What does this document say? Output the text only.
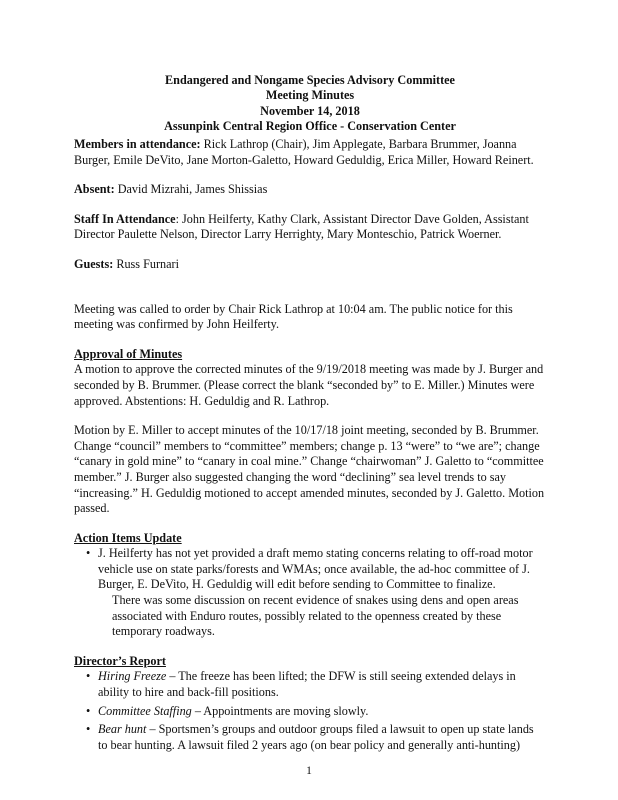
Endangered and Nongame Species Advisory Committee
Meeting Minutes
November 14, 2018
Assunpink Central Region Office - Conservation Center

Members in attendance: Rick Lathrop (Chair), Jim Applegate, Barbara Brummer, Joanna Burger, Emile DeVito, Jane Morton-Galetto, Howard Geduldig, Erica Miller, Howard Reinert.

Absent: David Mizrahi, James Shissias

Staff In Attendance: John Heilferty, Kathy Clark, Assistant Director Dave Golden, Assistant Director Paulette Nelson, Director Larry Herrighty, Mary Monteschio, Patrick Woerner.

Guests: Russ Furnari

Meeting was called to order by Chair Rick Lathrop at 10:04 am. The public notice for this meeting was confirmed by John Heilferty.

Approval of Minutes

A motion to approve the corrected minutes of the 9/19/2018 meeting was made by J. Burger and seconded by B. Brummer. (Please correct the blank “seconded by” to E. Miller.) Minutes were approved. Abstentions: H. Geduldig and R. Lathrop.

Motion by E. Miller to accept minutes of the 10/17/18 joint meeting, seconded by B. Brummer. Change “council” members to “committee” members; change p. 13 “were” to “we are”; change “canary in gold mine” to “canary in coal mine.” Change “chairwoman” J. Galetto to “committee member.” J. Burger also suggested changing the word “declining” sea level trends to say “increasing.” H. Geduldig motioned to accept amended minutes, seconded by J. Galetto. Motion passed.

Action Items Update

• J. Heilferty has not yet provided a draft memo stating concerns relating to off-road motor vehicle use on state parks/forests and WMAs; once available, the ad-hoc committee of J. Burger, E. DeVito, H. Geduldig will edit before sending to Committee to finalize.

There was some discussion on recent evidence of snakes using dens and open areas associated with Enduro routes, possibly related to the openness created by these temporary roadways.

Director’s Report

• Hiring Freeze – The freeze has been lifted; the DFW is still seeing extended delays in ability to hire and back-fill positions.
• Committee Staffing – Appointments are moving slowly.
• Bear hunt – Sportsmen’s groups and outdoor groups filed a lawsuit to open up state lands to bear hunting. A lawsuit filed 2 years ago (on bear policy and generally anti-hunting)
1
